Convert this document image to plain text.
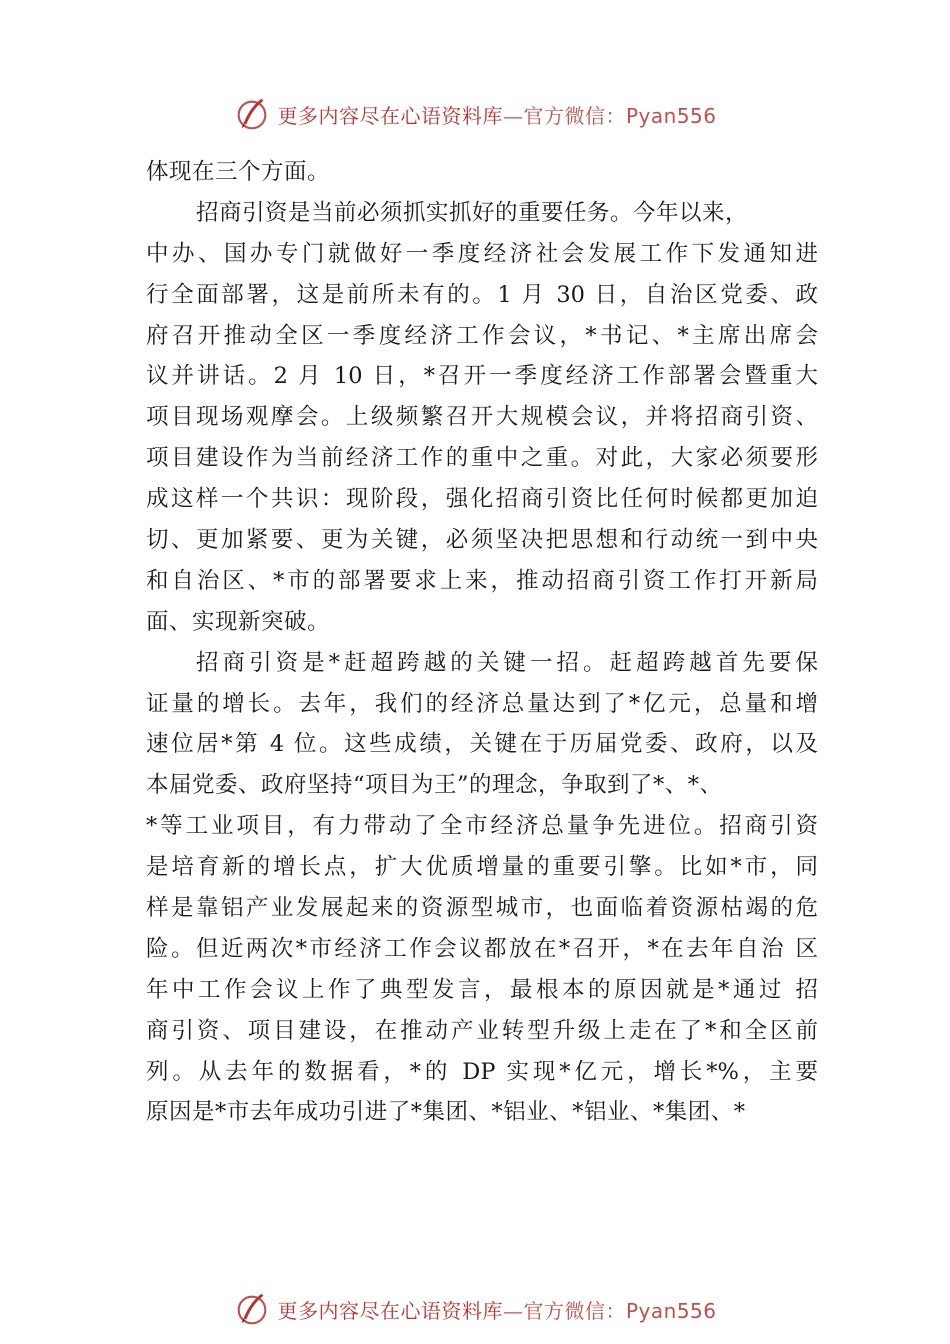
更多内容尽在心语资料库—官方微信：Pyan556
体现在三个方面。
招商引资是当前必须抓实抓好的重要任务。今年以来，
中办、国办专门就做好一季度经济社会发展工作下发通知进
行全面部署，这是前所未有的。1 月 30 日，自治区党委、政
府召开推动全区一季度经济工作会议，*书记、*主席出席会
议并讲话。2 月 10 日，*召开一季度经济工作部署会暨重大
项目现场观摩会。上级频繁召开大规模会议，并将招商引资、
项目建设作为当前经济工作的重中之重。对此，大家必须要形
成这样一个共识：现阶段，强化招商引资比任何时候都更加迫
切、更加紧要、更为关键，必须坚决把思想和行动统一到中央
和自治区、*市的部署要求上来，推动招商引资工作打开新局
面、实现新突破。
招商引资是*赶超跨越的关键一招。赶超跨越首先要保
证量的增长。去年，我们的经济总量达到了*亿元，总量和增
速位居*第 4 位。这些成绩，关键在于历届党委、政府，以及
本届党委、政府坚持“项目为王”的理念，争取到了*、*、
*等工业项目，有力带动了全市经济总量争先进位。招商引资
是培育新的增长点，扩大优质增量的重要引擎。比如*市，同
样是靠铝产业发展起来的资源型城市，也面临着资源枯竭的危
险。但近两次*市经济工作会议都放在*召开，*在去年自治 区
年中工作会议上作了典型发言，最根本的原因就是*通过 招
商引资、项目建设，在推动产业转型升级上走在了*和全区前
列。从去年的数据看，*的 DP 实现*亿元，增长*%，主要
原因是*市去年成功引进了*集团、*铝业、*铝业、*集团、*
更多内容尽在心语资料库—官方微信：Pyan556
